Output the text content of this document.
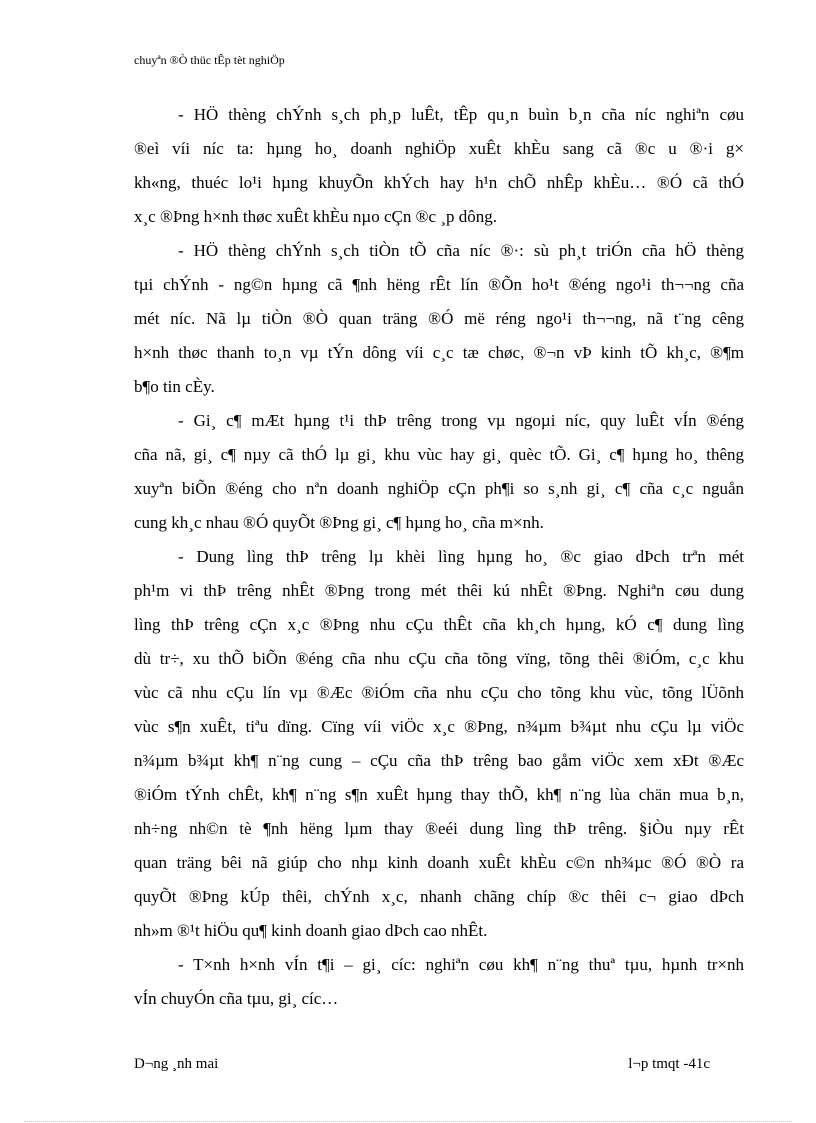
chuyªn ®Ò thüc tÊp tèt nghiÖp
- HÖ thèng chÝnh s¸ch ph¸p luÊt, tÊp qu¸n buìn b¸n cña níc nghiªn cøu
®eì víi níc ta: hµng ho¸ doanh nghiÖp xuÊt khÈu sang cã ®c u ®·i g×
kh«ng, thuéc lo¹i hµng khuyÕn khÝch hay h¹n chÕ nhÊp khÈu… ®Ó cã thÓ
x¸c ®Þng h×nh thøc xuÊt khÈu nµo cÇn ®c ¸p dông.
- HÖ thèng chÝnh s¸ch tiÒn tÕ cña níc ®·: sù ph¸t triÓn cña hÖ thèng
tµi chÝnh - ng©n hµng cã ¶nh hëng rÊt lín ®Õn ho¹t ®éng ngo¹i th¬¬ng cña
mét níc. Nã lµ tiÒn ®Ò quan träng ®Ó më réng ngo¹i th¬¬ng, nã t¨ng cêng
h×nh thøc thanh to¸n vµ tÝn dông víi c¸c tæ chøc, ®¬n vÞ kinh tÕ kh¸c, ®¶m
b¶o tin cÈy.
- Gi¸ c¶ mÆt hµng t¹i thÞ trêng trong vµ ngoµi níc, quy luÊt vÍn ®éng
cña nã, gi¸ c¶ nµy cã thÓ lµ gi¸ khu vùc hay gi¸ quèc tÕ. Gi¸ c¶ hµng ho¸ thêng
xuyªn biÕn ®éng cho nªn doanh nghiÖp cÇn ph¶i so s¸nh gi¸ c¶ cña c¸c nguån
cung kh¸c nhau ®Ó quyÕt ®Þng gi¸ c¶ hµng ho¸ cña m×nh.
- Dung lìng thÞ trêng lµ khèi lìng hµng ho¸ ®c giao dÞch trªn mét
ph¹m vi thÞ trêng nhÊt ®Þng trong mét thêi kú nhÊt ®Þng. Nghiªn cøu dung
lìng thÞ trêng cÇn x¸c ®Þng nhu cÇu thÊt cña kh¸ch hµng, kÓ c¶ dung lìng
dù tr÷, xu thÕ biÕn ®éng cña nhu cÇu cña tõng vïng, tõng thêi ®iÓm, c¸c khu
vùc cã nhu cÇu lín vµ ®Æc ®iÓm cña nhu cÇu cho tõng khu vùc, tõng lÜõnh
vùc s¶n xuÊt, tiªu dïng. Cïng víi viÖc x¸c ®Þng, n¾µm b¾µt nhu cÇu lµ viÖc
n¾µm b¾µt kh¶ n¨ng cung – cÇu cña thÞ trêng bao gåm viÖc xem xÐt ®Æc
®iÓm tÝnh chÊt, kh¶ n¨ng s¶n xuÊt hµng thay thÕ, kh¶ n¨ng lùa chän mua b¸n,
nh÷ng nh©n tè ¶nh hëng lµm thay ®eéi dung lìng thÞ trêng. §iÒu nµy rÊt
quan träng bêi nã giúp cho nhµ kinh doanh xuÊt khÈu c©n nh¾µc ®Ó ®Ò ra
quyÕt ®Þng kÚp thêi, chÝnh x¸c, nhanh chãng chíp ®c thêi c¬ giao dÞch
nh»m ®¹t hiÖu qu¶ kinh doanh giao dÞch cao nhÊt.
- T×nh h×nh vÍn t¶i – gi¸ cíc: nghiªn cøu kh¶ n¨ng thuª tµu, hµnh tr×nh
vÍn chuyÓn cña tµu, gi¸ cíc…
D¬ng ¸nh mai	l¬p tmqt -41c
